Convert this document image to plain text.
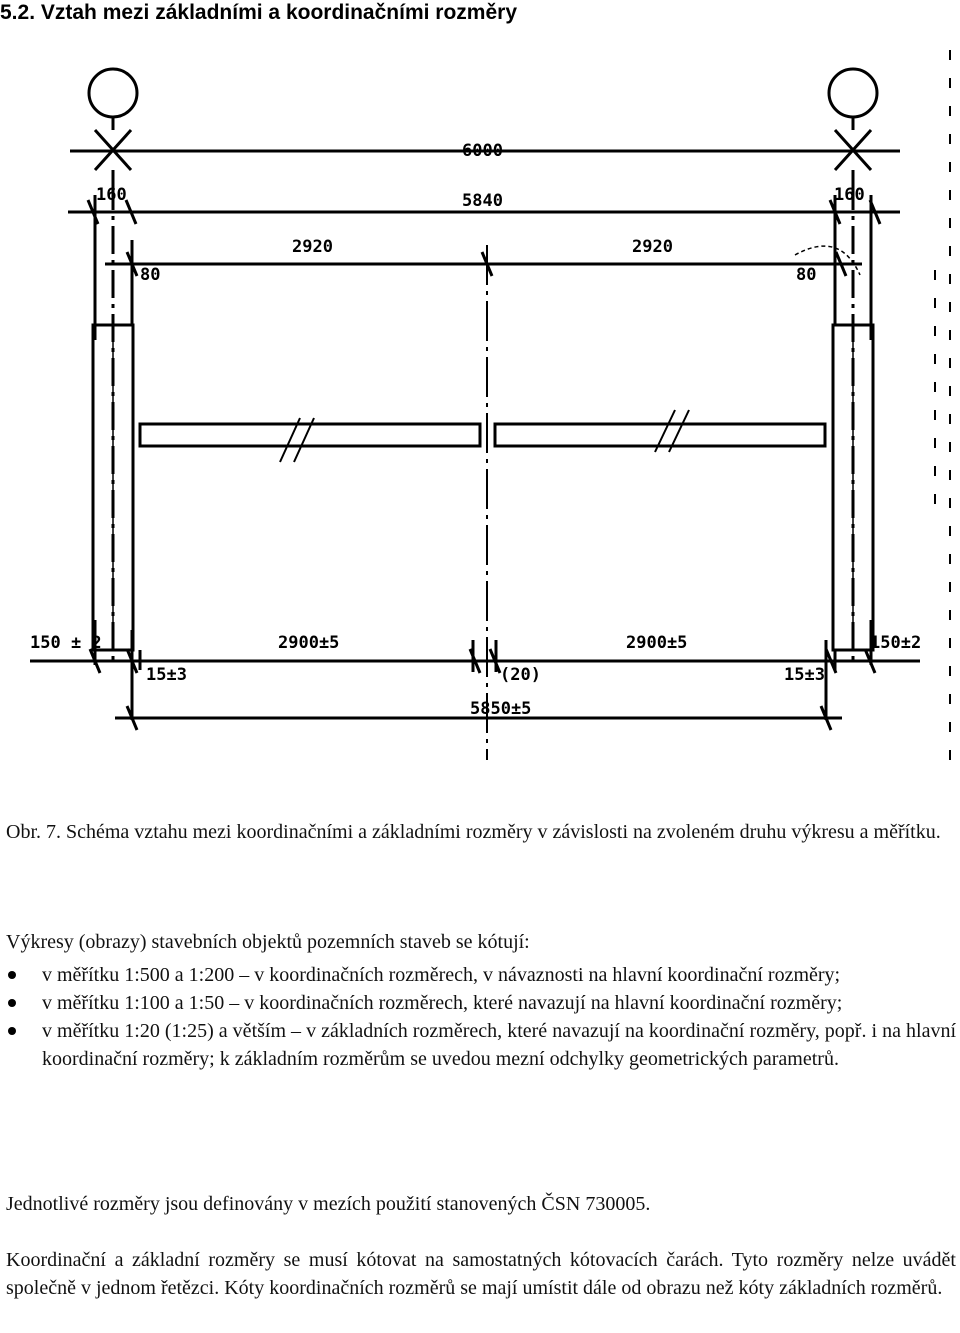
5.2. Vztah mezi základními a koordinačními rozměry
6000
160	5840	160
2920	2920
80	80
150 ± 2	2900±5	2900±5	150±2
15±3	(20)	15±3
5850±5
Obr. 7. Schéma vztahu mezi koordinačními a základními rozměry v závislosti na zvoleném druhu výkresu a měřítku.
Výkresy (obrazy) stavebních objektů pozemních staveb se kótují:
v měřítku 1:500 a 1:200 – v koordinačních rozměrech, v návaznosti na hlavní koordinační rozměry;
v měřítku 1:100 a 1:50 – v koordinačních rozměrech, které navazují na hlavní koordinační rozměry;
v měřítku 1:20 (1:25) a větším – v základních rozměrech, které navazují na koordinační rozměry, popř. i na hlavní koordinační rozměry; k základním rozměrům se uvedou mezní odchylky geometrických parametrů.
Jednotlivé rozměry jsou definovány v mezích použití stanovených ČSN 730005.
Koordinační a základní rozměry se musí kótovat na samostatných kótovacích čarách. Tyto rozměry nelze uvádět společně v jednom řetězci. Kóty koordinačních rozměrů se mají umístit dále od obrazu než kóty základních rozměrů.
